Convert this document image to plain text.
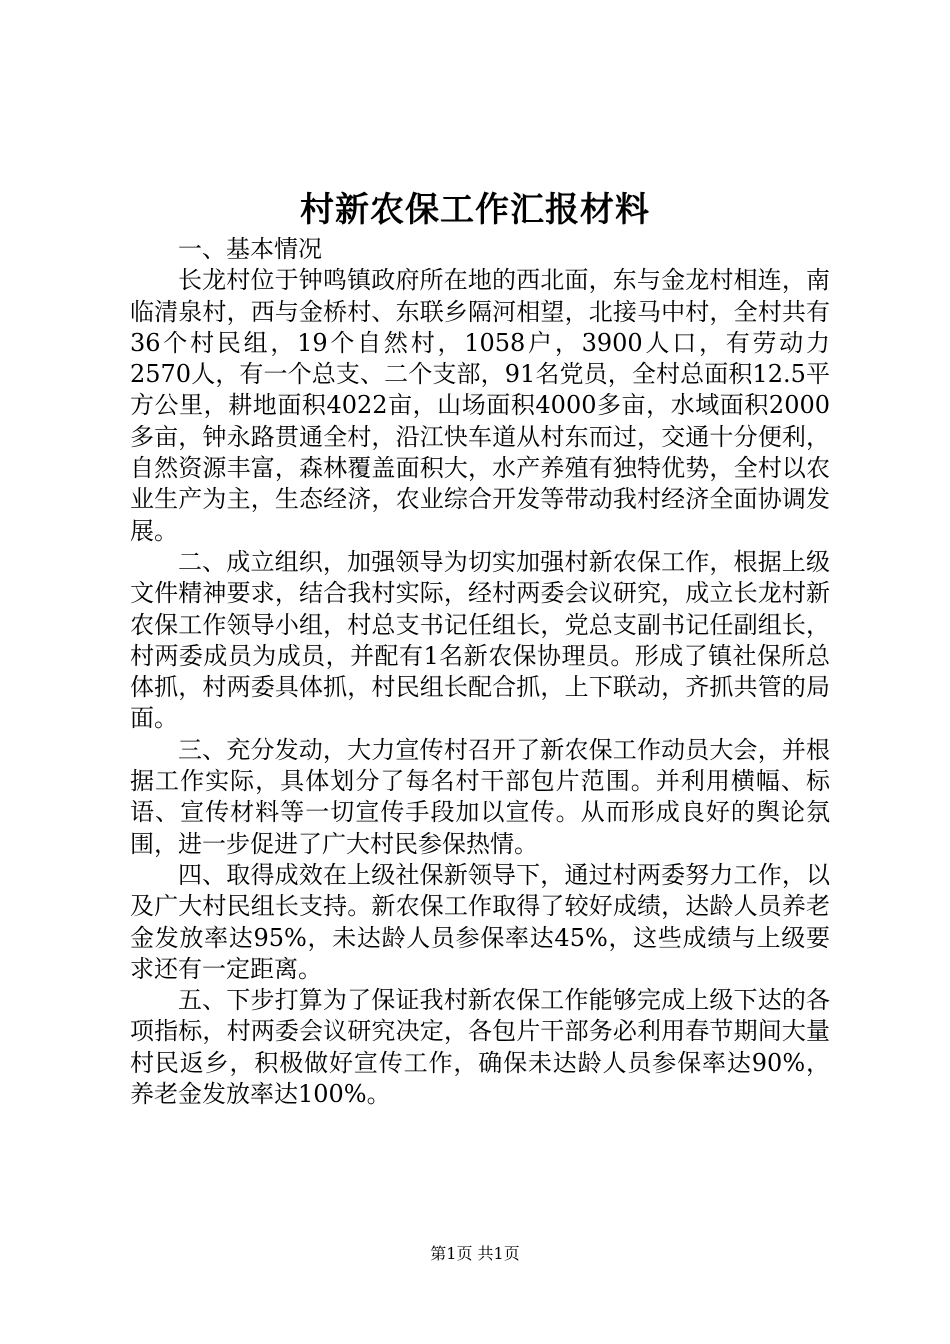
村新农保工作汇报材料

一、基本情况

长龙村位于钟鸣镇政府所在地的西北面，东与金龙村相连，南临清泉村，西与金桥村、东联乡隔河相望，北接马中村，全村共有36个村民组，19个自然村，1058户，3900人口，有劳动力2570人，有一个总支、二个支部，91名党员，全村总面积12.5平方公里，耕地面积4022亩，山场面积4000多亩，水域面积2000多亩，钟永路贯通全村，沿江快车道从村东而过，交通十分便利，自然资源丰富，森林覆盖面积大，水产养殖有独特优势，全村以农业生产为主，生态经济，农业综合开发等带动我村经济全面协调发展。

二、成立组织，加强领导为切实加强村新农保工作，根据上级文件精神要求，结合我村实际，经村两委会议研究，成立长龙村新农保工作领导小组，村总支书记任组长，党总支副书记任副组长，村两委成员为成员，并配有1名新农保协理员。形成了镇社保所总体抓，村两委具体抓，村民组长配合抓，上下联动，齐抓共管的局面。

三、充分发动，大力宣传村召开了新农保工作动员大会，并根据工作实际，具体划分了每名村干部包片范围。并利用横幅、标语、宣传材料等一切宣传手段加以宣传。从而形成良好的舆论氛围，进一步促进了广大村民参保热情。

四、取得成效在上级社保新领导下，通过村两委努力工作，以及广大村民组长支持。新农保工作取得了较好成绩，达龄人员养老金发放率达95%，未达龄人员参保率达45%，这些成绩与上级要求还有一定距离。

五、下步打算为了保证我村新农保工作能够完成上级下达的各项指标，村两委会议研究决定，各包片干部务必利用春节期间大量村民返乡，积极做好宣传工作，确保未达龄人员参保率达90%，养老金发放率达100%。

第1页 共1页
